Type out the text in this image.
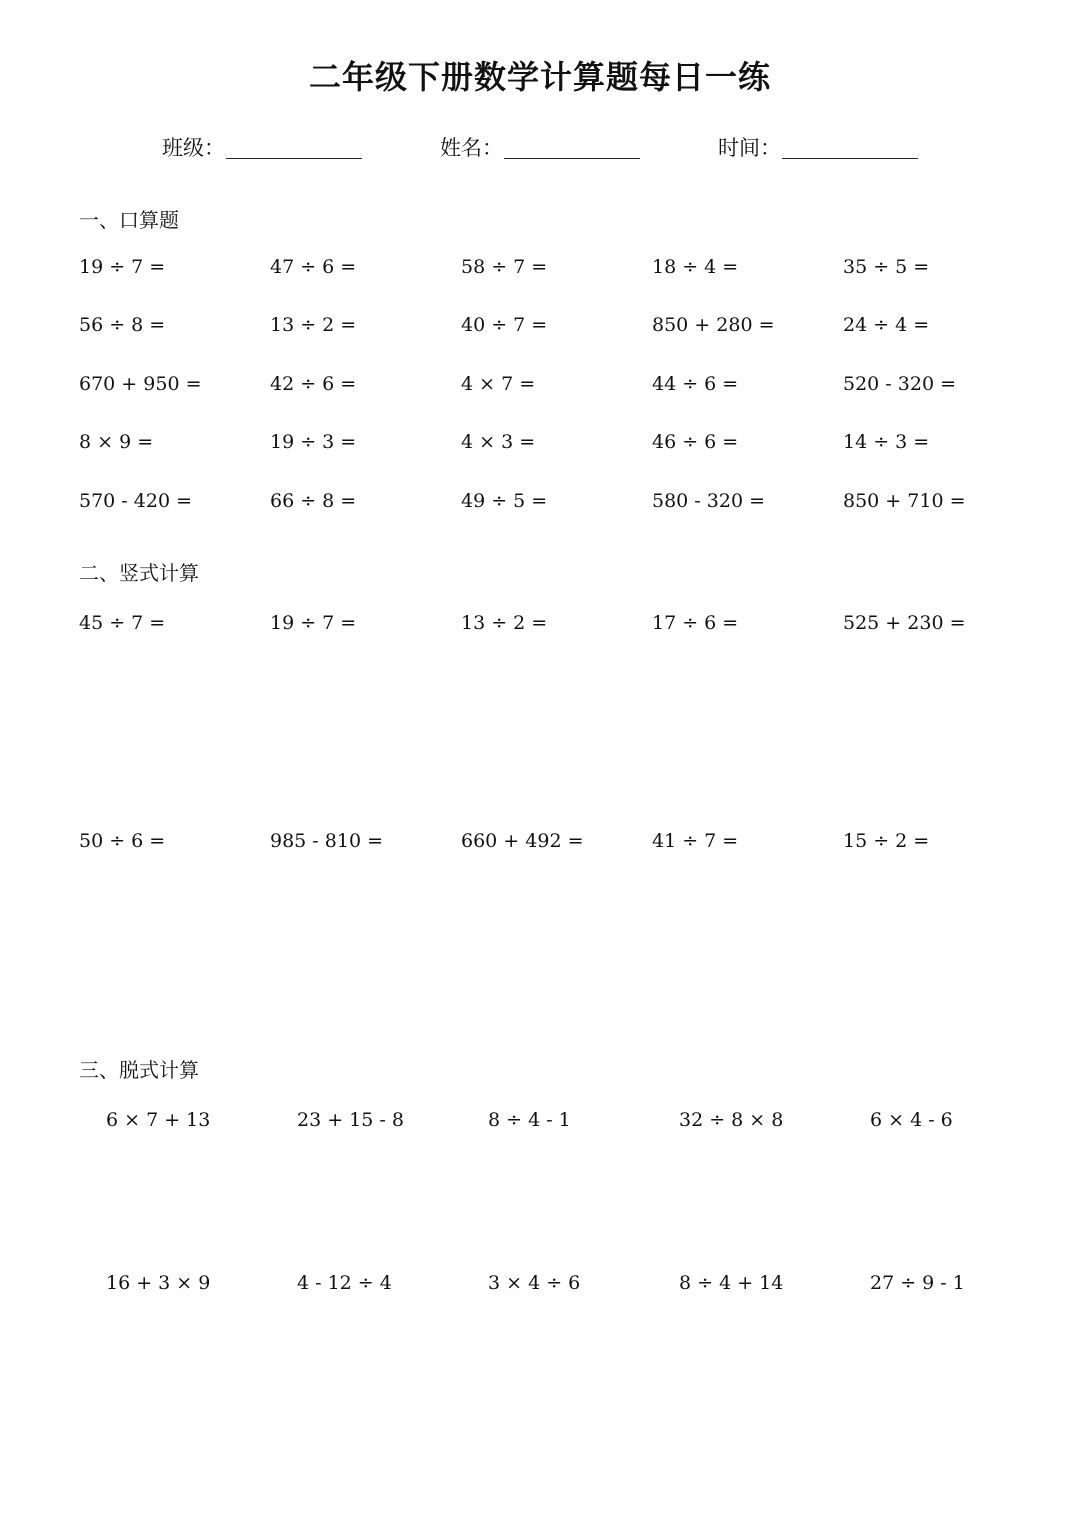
二年级下册数学计算题每日一练
班级：	姓名：	时间：
一、口算题
19 ÷ 7 =	47 ÷ 6 =	58 ÷ 7 =	18 ÷ 4 =	35 ÷ 5 =
56 ÷ 8 =	13 ÷ 2 =	40 ÷ 7 =	850 + 280 =	24 ÷ 4 =
670 + 950 =	42 ÷ 6 =	4 × 7 =	44 ÷ 6 =	520 - 320 =
8 × 9 =	19 ÷ 3 =	4 × 3 =	46 ÷ 6 =	14 ÷ 3 =
570 - 420 =	66 ÷ 8 =	49 ÷ 5 =	580 - 320 =	850 + 710 =
二、竖式计算
45 ÷ 7 =	19 ÷ 7 =	13 ÷ 2 =	17 ÷ 6 =	525 + 230 =
50 ÷ 6 =	985 - 810 =	660 + 492 =	41 ÷ 7 =	15 ÷ 2 =
三、脱式计算
6 × 7 + 13	23 + 15 - 8	8 ÷ 4 - 1	32 ÷ 8 × 8	6 × 4 - 6
16 + 3 × 9	4 - 12 ÷ 4	3 × 4 ÷ 6	8 ÷ 4 + 14	27 ÷ 9 - 1
